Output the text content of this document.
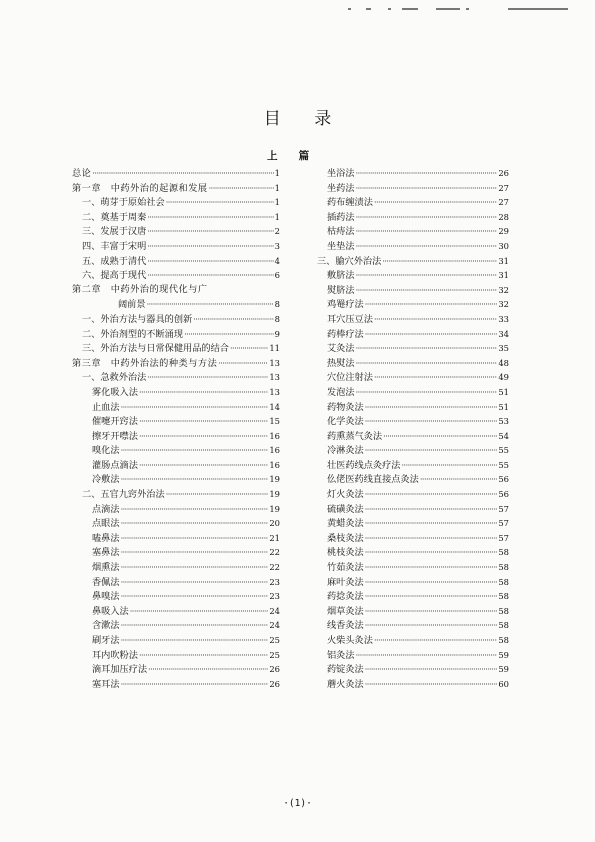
目 录
上 篇
总论 ·····	1
第一章　中药外治的起源和发展 ·····	1
一、萌芽于原始社会 ·····	1
二、奠基于周秦 ·····	1
三、发展于汉唐 ·····	2
四、丰富于宋明 ·····	3
五、成熟于清代 ·····	4
六、提高于现代 ·····	6
第二章　中药外治的现代化与广
阔前景 ·····	8
一、外治方法与器具的创新 ·····	8
二、外治剂型的不断涌现 ·····	9
三、外治方法与日常保健用品的结合 ·····	11
第三章　中药外治法的种类与方法 ·····	13
一、急救外治法 ·····	13
雾化吸入法 ·····	13
止血法 ·····	14
催嚏开窍法 ·····	15
擦牙开噤法 ·····	16
嗅化法 ·····	16
灌肠点滴法 ·····	16
冷敷法 ·····	19
二、五官九窍外治法 ·····	19
点滴法 ·····	19
点眼法 ·····	20
嗑鼻法 ·····	21
塞鼻法 ·····	22
烟熏法 ·····	22
香佩法 ·····	23
鼻嗅法 ·····	23
鼻吸入法 ·····	24
含漱法 ·····	24
刷牙法 ·····	25
耳内吹粉法 ·····	25
滴耳加压疗法 ·····	26
塞耳法 ·····	26
坐浴法 ·····	26
坐药法 ·····	27
药布缠渍法 ·····	27
插药法 ·····	28
枯痔法 ·····	29
坐垫法 ·····	30
三、腧穴外治法 ·····	31
敷脐法 ·····	31
熨脐法 ·····	32
鸡罨疗法 ·····	32
耳穴压豆法 ·····	33
药棒疗法 ·····	34
艾灸法 ·····	35
热熨法 ·····	48
穴位注射法 ·····	49
发泡法 ·····	51
药物灸法 ·····	51
化学灸法 ·····	53
药熏蒸气灸法 ·····	54
冷淋灸法 ·····	55
壮医药线点灸疗法 ·····	55
仫佬医药线直接点灸法 ·····	56
灯火灸法 ·····	56
硫磺灸法 ·····	57
黄蜡灸法 ·····	57
桑枝灸法 ·····	57
桃枝灸法 ·····	58
竹茹灸法 ·····	58
麻叶灸法 ·····	58
药捻灸法 ·····	58
烟草灸法 ·····	58
线香灸法 ·····	58
火柴头灸法 ·····	58
铝灸法 ·····	59
药锭灸法 ·····	59
蘑火灸法 ·····	60
·(1)·
